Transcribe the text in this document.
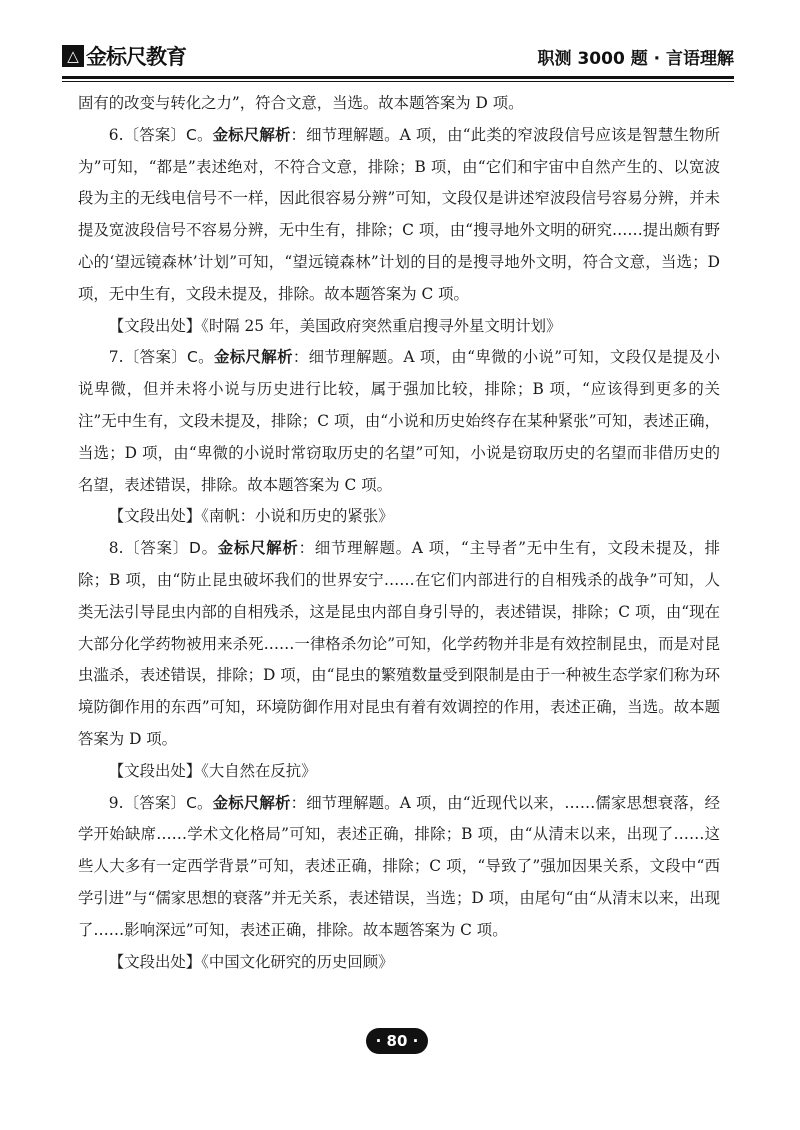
△ 金标尺教育	职测 3000 题 · 言语理解

固有的改变与转化之力”，符合文意，当选。故本题答案为 D 项。

6.〔答案〕C。金标尺解析：细节理解题。A 项，由“此类的窄波段信号应该是智慧生物所为”可知，“都是”表述绝对，不符合文意，排除；B 项，由“它们和宇宙中自然产生的、以宽波段为主的无线电信号不一样，因此很容易分辨”可知，文段仅是讲述窄波段信号容易分辨，并未提及宽波段信号不容易分辨，无中生有，排除；C 项，由“搜寻地外文明的研究……提出颇有野心的‘望远镜森林’计划”可知，“望远镜森林”计划的目的是搜寻地外文明，符合文意，当选；D 项，无中生有，文段未提及，排除。故本题答案为 C 项。

【文段出处】《时隔 25 年，美国政府突然重启搜寻外星文明计划》

7.〔答案〕C。金标尺解析：细节理解题。A 项，由“卑微的小说”可知，文段仅是提及小说卑微，但并未将小说与历史进行比较，属于强加比较，排除；B 项，“应该得到更多的关注”无中生有，文段未提及，排除；C 项，由“小说和历史始终存在某种紧张”可知，表述正确，当选；D 项，由“卑微的小说时常窃取历史的名望”可知，小说是窃取历史的名望而非借历史的名望，表述错误，排除。故本题答案为 C 项。

【文段出处】《南帆：小说和历史的紧张》

8.〔答案〕D。金标尺解析：细节理解题。A 项，“主导者”无中生有，文段未提及，排除；B 项，由“防止昆虫破坏我们的世界安宁……在它们内部进行的自相残杀的战争”可知，人类无法引导昆虫内部的自相残杀，这是昆虫内部自身引导的，表述错误，排除；C 项，由“现在大部分化学药物被用来杀死……一律格杀勿论”可知，化学药物并非是有效控制昆虫，而是对昆虫滥杀，表述错误，排除；D 项，由“昆虫的繁殖数量受到限制是由于一种被生态学家们称为环境防御作用的东西”可知，环境防御作用对昆虫有着有效调控的作用，表述正确，当选。故本题答案为 D 项。

【文段出处】《大自然在反抗》

9.〔答案〕C。金标尺解析：细节理解题。A 项，由“近现代以来，……儒家思想衰落，经学开始缺席……学术文化格局”可知，表述正确，排除；B 项，由“从清末以来，出现了……这些人大多有一定西学背景”可知，表述正确，排除；C 项，“导致了”强加因果关系，文段中“西学引进”与“儒家思想的衰落”并无关系，表述错误，当选；D 项，由尾句“由“从清末以来，出现了……影响深远”可知，表述正确，排除。故本题答案为 C 项。

【文段出处】《中国文化研究的历史回顾》

· 80 ·
